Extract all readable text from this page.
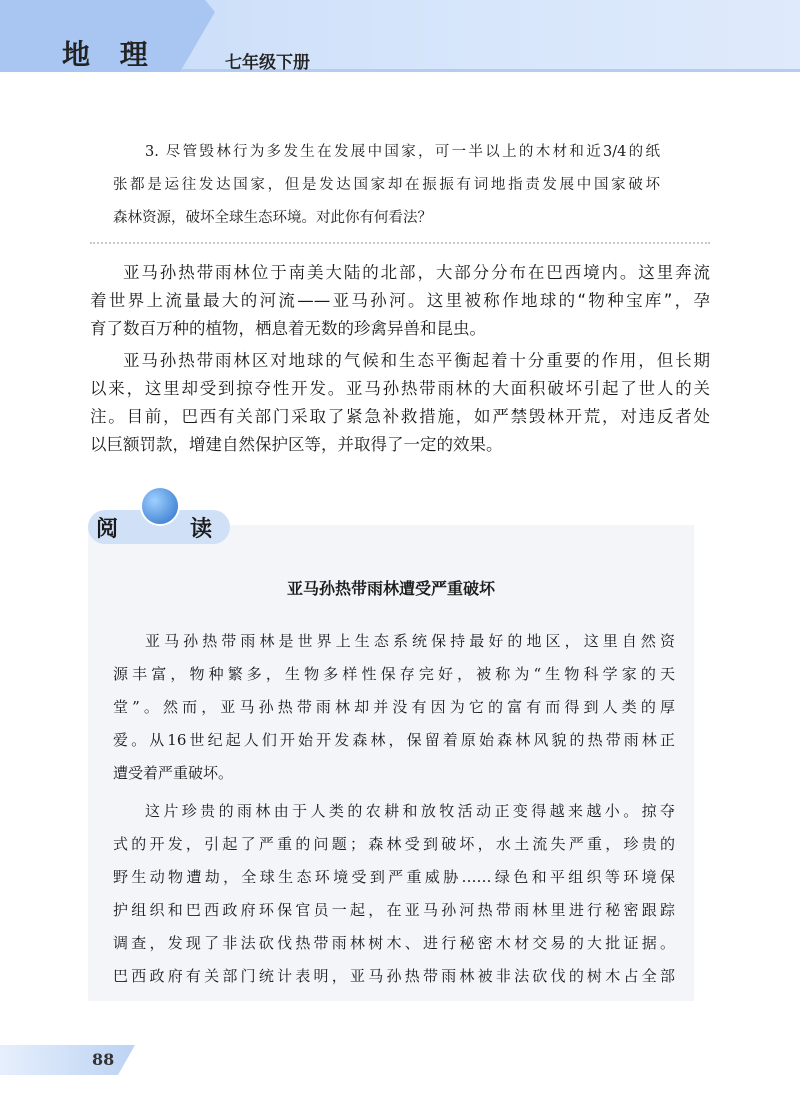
地 理	七年级下册
3. 尽管毁林行为多发生在发展中国家，可一半以上的木材和近3/4的纸
张都是运往发达国家，但是发达国家却在振振有词地指责发展中国家破坏
森林资源，破坏全球生态环境。对此你有何看法？
亚马孙热带雨林位于南美大陆的北部，大部分分布在巴西境内。这里奔流
着世界上流量最大的河流——亚马孙河。这里被称作地球的“物种宝库”，孕
育了数百万种的植物，栖息着无数的珍禽异兽和昆虫。
亚马孙热带雨林区对地球的气候和生态平衡起着十分重要的作用，但长期
以来，这里却受到掠夺性开发。亚马孙热带雨林的大面积破坏引起了世人的关
注。目前，巴西有关部门采取了紧急补救措施，如严禁毁林开荒，对违反者处
以巨额罚款，增建自然保护区等，并取得了一定的效果。
阅	读
亚马孙热带雨林遭受严重破坏
亚马孙热带雨林是世界上生态系统保持最好的地区，这里自然资
源丰富，物种繁多，生物多样性保存完好，被称为“生物科学家的天
堂”。然而，亚马孙热带雨林却并没有因为它的富有而得到人类的厚
爱。从16世纪起人们开始开发森林，保留着原始森林风貌的热带雨林正
遭受着严重破坏。
这片珍贵的雨林由于人类的农耕和放牧活动正变得越来越小。掠夺
式的开发，引起了严重的问题；森林受到破坏，水土流失严重，珍贵的
野生动物遭劫，全球生态环境受到严重威胁……绿色和平组织等环境保
护组织和巴西政府环保官员一起，在亚马孙河热带雨林里进行秘密跟踪
调查，发现了非法砍伐热带雨林树木、进行秘密木材交易的大批证据。
巴西政府有关部门统计表明，亚马孙热带雨林被非法砍伐的树木占全部
88
